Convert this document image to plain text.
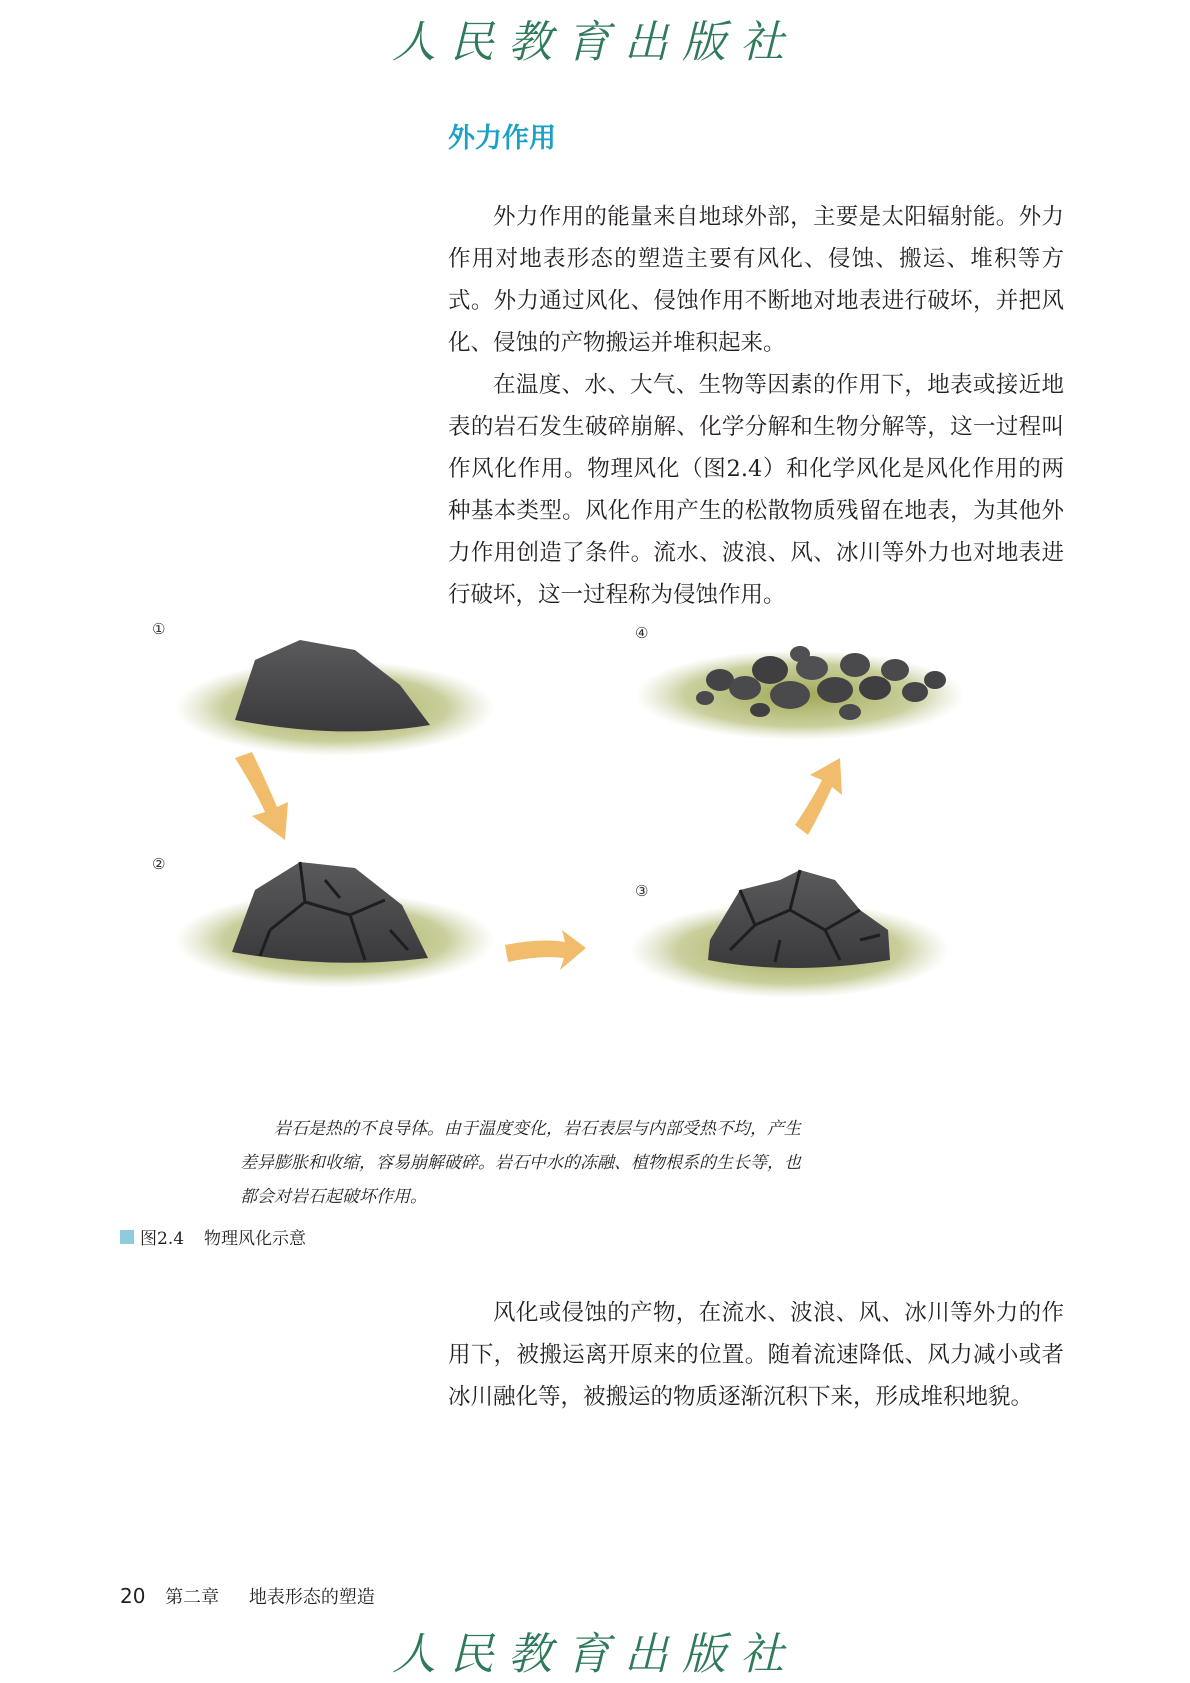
人民教育出版社
外力作用

外力作用的能量来自地球外部，主要是太阳辐射能。外力作用对地表形态的塑造主要有风化、侵蚀、搬运、堆积等方式。外力通过风化、侵蚀作用不断地对地表进行破坏，并把风化、侵蚀的产物搬运并堆积起来。

在温度、水、大气、生物等因素的作用下，地表或接近地表的岩石发生破碎崩解、化学分解和生物分解等，这一过程叫作风化作用。物理风化（图2.4）和化学风化是风化作用的两种基本类型。风化作用产生的松散物质残留在地表，为其他外力作用创造了条件。流水、波浪、风、冰川等外力也对地表进行破坏，这一过程称为侵蚀作用。

①
②
③
④
岩石是热的不良导体。由于温度变化，岩石表层与内部受热不均，产生
差异膨胀和收缩，容易崩解破碎。岩石中水的冻融、植物根系的生长等，也
都会对岩石起破坏作用。
图2.4 物理风化示意

风化或侵蚀的产物，在流水、波浪、风、冰川等外力的作用下，被搬运离开原来的位置。随着流速降低、风力减小或者冰川融化等，被搬运的物质逐渐沉积下来，形成堆积地貌。

20 第二章 地表形态的塑造
人民教育出版社
